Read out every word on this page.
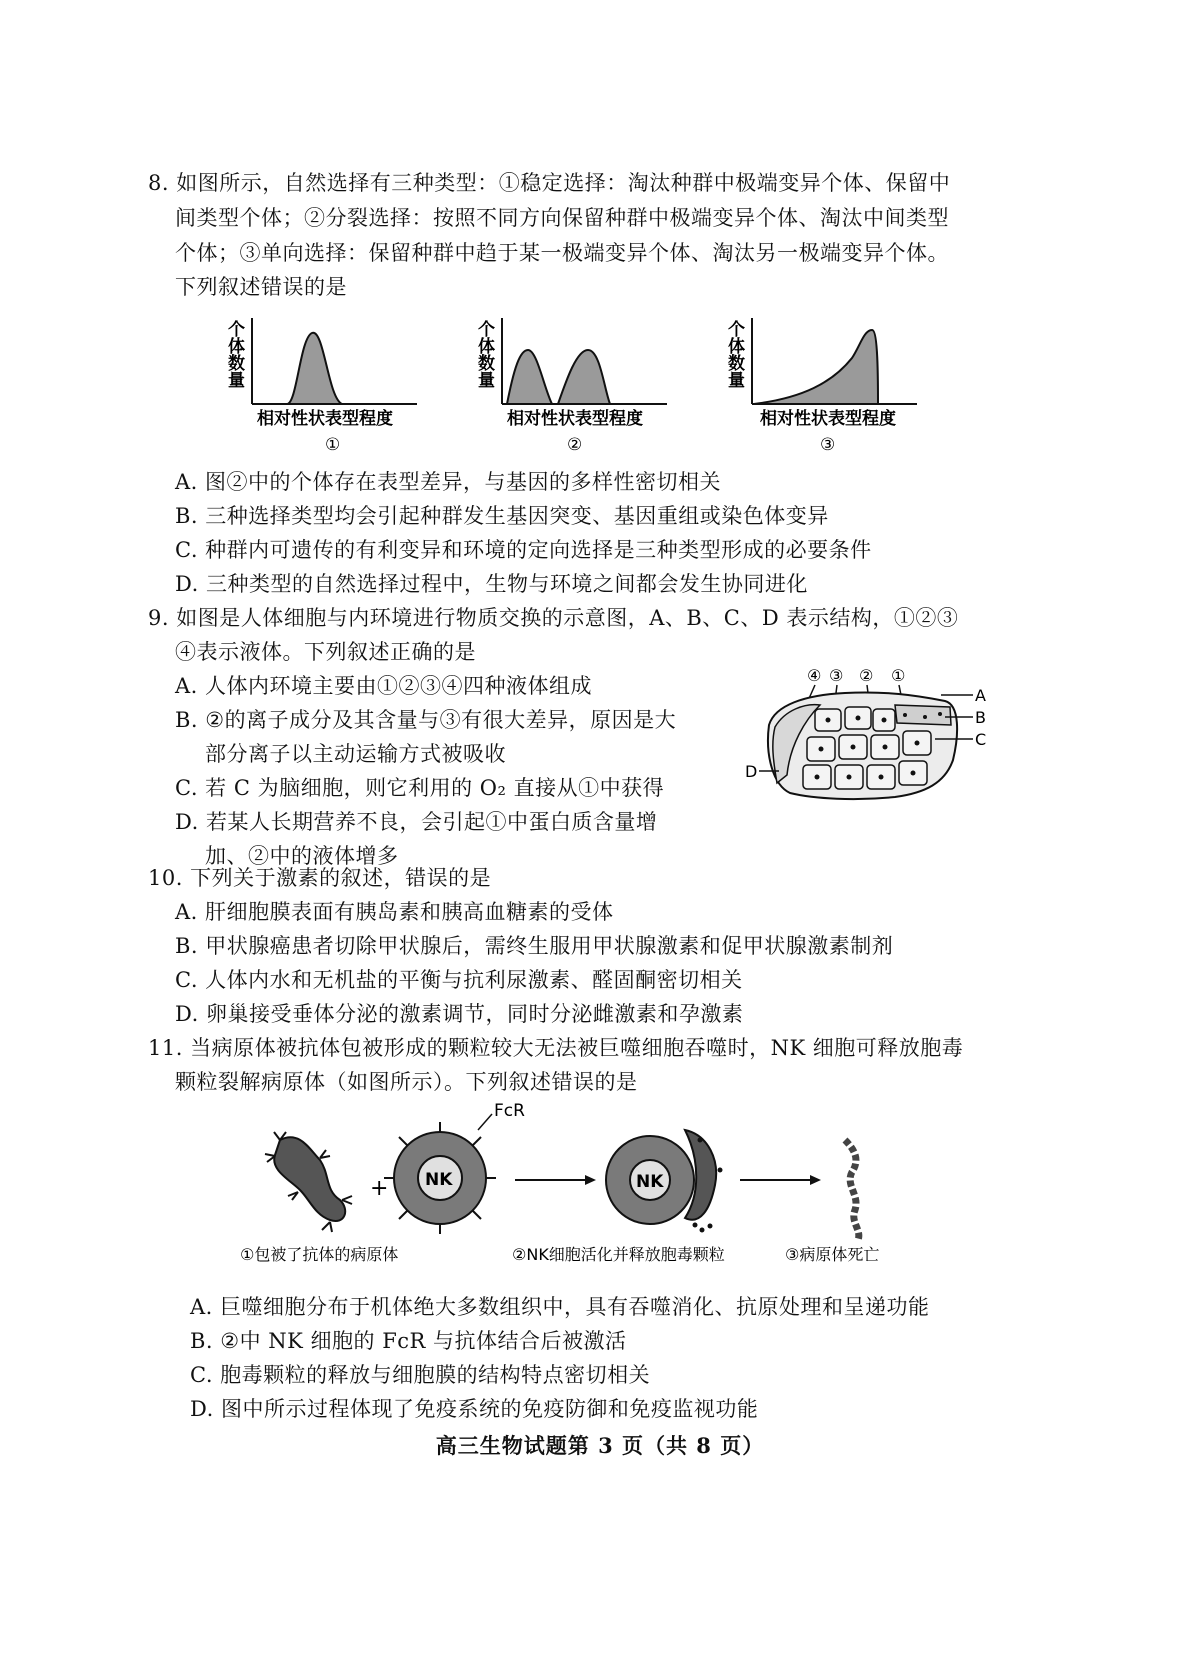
8. 如图所示，自然选择有三种类型：①稳定选择：淘汰种群中极端变异个体、保留中
间类型个体；②分裂选择：按照不同方向保留种群中极端变异个体、淘汰中间类型
个体；③单向选择：保留种群中趋于某一极端变异个体、淘汰另一极端变异个体。
下列叙述错误的是
个体数量
相对性状表型程度
①
个体数量
相对性状表型程度
②
个体数量
相对性状表型程度
③
A. 图②中的个体存在表型差异，与基因的多样性密切相关
B. 三种选择类型均会引起种群发生基因突变、基因重组或染色体变异
C. 种群内可遗传的有利变异和环境的定向选择是三种类型形成的必要条件
D. 三种类型的自然选择过程中，生物与环境之间都会发生协同进化
9. 如图是人体细胞与内环境进行物质交换的示意图，A、B、C、D 表示结构，①②③
④表示液体。下列叙述正确的是
A. 人体内环境主要由①②③④四种液体组成
B. ②的离子成分及其含量与③有很大差异，原因是大
部分离子以主动运输方式被吸收
C. 若 C 为脑细胞，则它利用的 O₂ 直接从①中获得
D. 若某人长期营养不良，会引起①中蛋白质含量增
加、②中的液体增多
④ ③ ② ①
A
B
C
D
10. 下列关于激素的叙述，错误的是
A. 肝细胞膜表面有胰岛素和胰高血糖素的受体
B. 甲状腺癌患者切除甲状腺后，需终生服用甲状腺激素和促甲状腺激素制剂
C. 人体内水和无机盐的平衡与抗利尿激素、醛固酮密切相关
D. 卵巢接受垂体分泌的激素调节，同时分泌雌激素和孕激素
11. 当病原体被抗体包被形成的颗粒较大无法被巨噬细胞吞噬时，NK 细胞可释放胞毒
颗粒裂解病原体（如图所示）。下列叙述错误的是
+ NK
FcR
NK
①包被了抗体的病原体	②NK细胞活化并释放胞毒颗粒	③病原体死亡
A. 巨噬细胞分布于机体绝大多数组织中，具有吞噬消化、抗原处理和呈递功能
B. ②中 NK 细胞的 FcR 与抗体结合后被激活
C. 胞毒颗粒的释放与细胞膜的结构特点密切相关
D. 图中所示过程体现了免疫系统的免疫防御和免疫监视功能
高三生物试题第 3 页（共 8 页）
